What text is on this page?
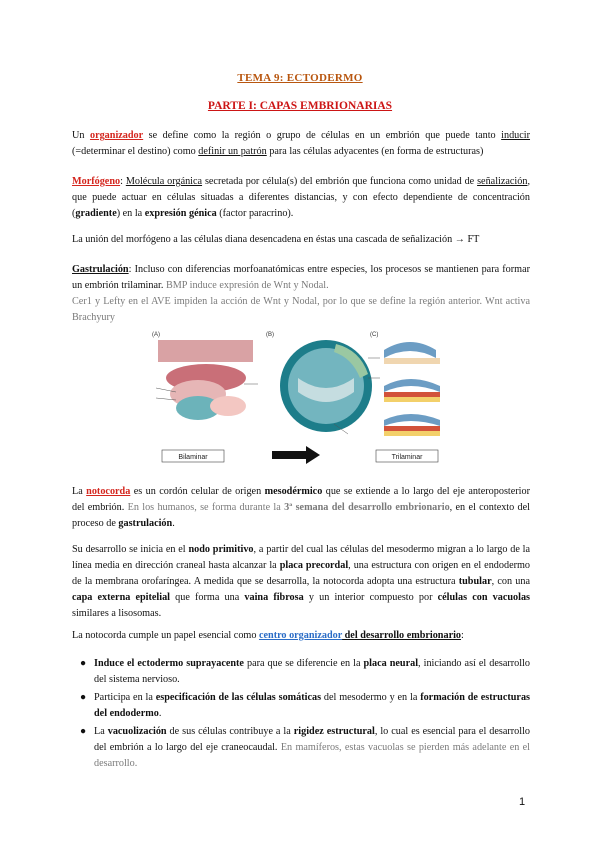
TEMA 9: ECTODERMO
PARTE I: CAPAS EMBRIONARIAS
Un organizador se define como la región o grupo de células en un embrión que puede tanto inducir (=determinar el destino) como definir un patrón para las células adyacentes (en forma de estructuras)
Morfógeno: Molécula orgánica secretada por célula(s) del embrión que funciona como unidad de señalización, que puede actuar en células situadas a diferentes distancias, y con efecto dependiente de concentración (gradiente) en la expresión génica (factor paracrino).
La unión del morfógeno a las células diana desencadena en éstas una cascada de señalización → FT
Gastrulación: Incluso con diferencias morfoanatómicas entre especies, los procesos se mantienen para formar un embrión trilaminar. BMP induce expresión de Wnt y Nodal.
Cer1 y Lefty en el AVE impiden la acción de Wnt y Nodal, por lo que se define la región anterior. Wnt activa Brachyury
(A)	(B)	(C)
Bilaminar	Trilaminar
La notocorda es un cordón celular de origen mesodérmico que se extiende a lo largo del eje anteroposterior del embrión. En los humanos, se forma durante la 3ª semana del desarrollo embrionario, en el contexto del proceso de gastrulación.
Su desarrollo se inicia en el nodo primitivo, a partir del cual las células del mesodermo migran a lo largo de la línea media en dirección craneal hasta alcanzar la placa precordal, una estructura con origen en el endodermo de la membrana orofaríngea. A medida que se desarrolla, la notocorda adopta una estructura tubular, con una capa externa epitelial que forma una vaina fibrosa y un interior compuesto por células con vacuolas similares a lisosomas.
La notocorda cumple un papel esencial como centro organizador del desarrollo embrionario:
● Induce el ectodermo suprayacente para que se diferencie en la placa neural, iniciando así el desarrollo del sistema nervioso.
● Participa en la especificación de las células somáticas del mesodermo y en la formación de estructuras del endodermo.
● La vacuolización de sus células contribuye a la rigidez estructural, lo cual es esencial para el desarrollo del embrión a lo largo del eje craneocaudal. En mamíferos, estas vacuolas se pierden más adelante en el desarrollo.
1
